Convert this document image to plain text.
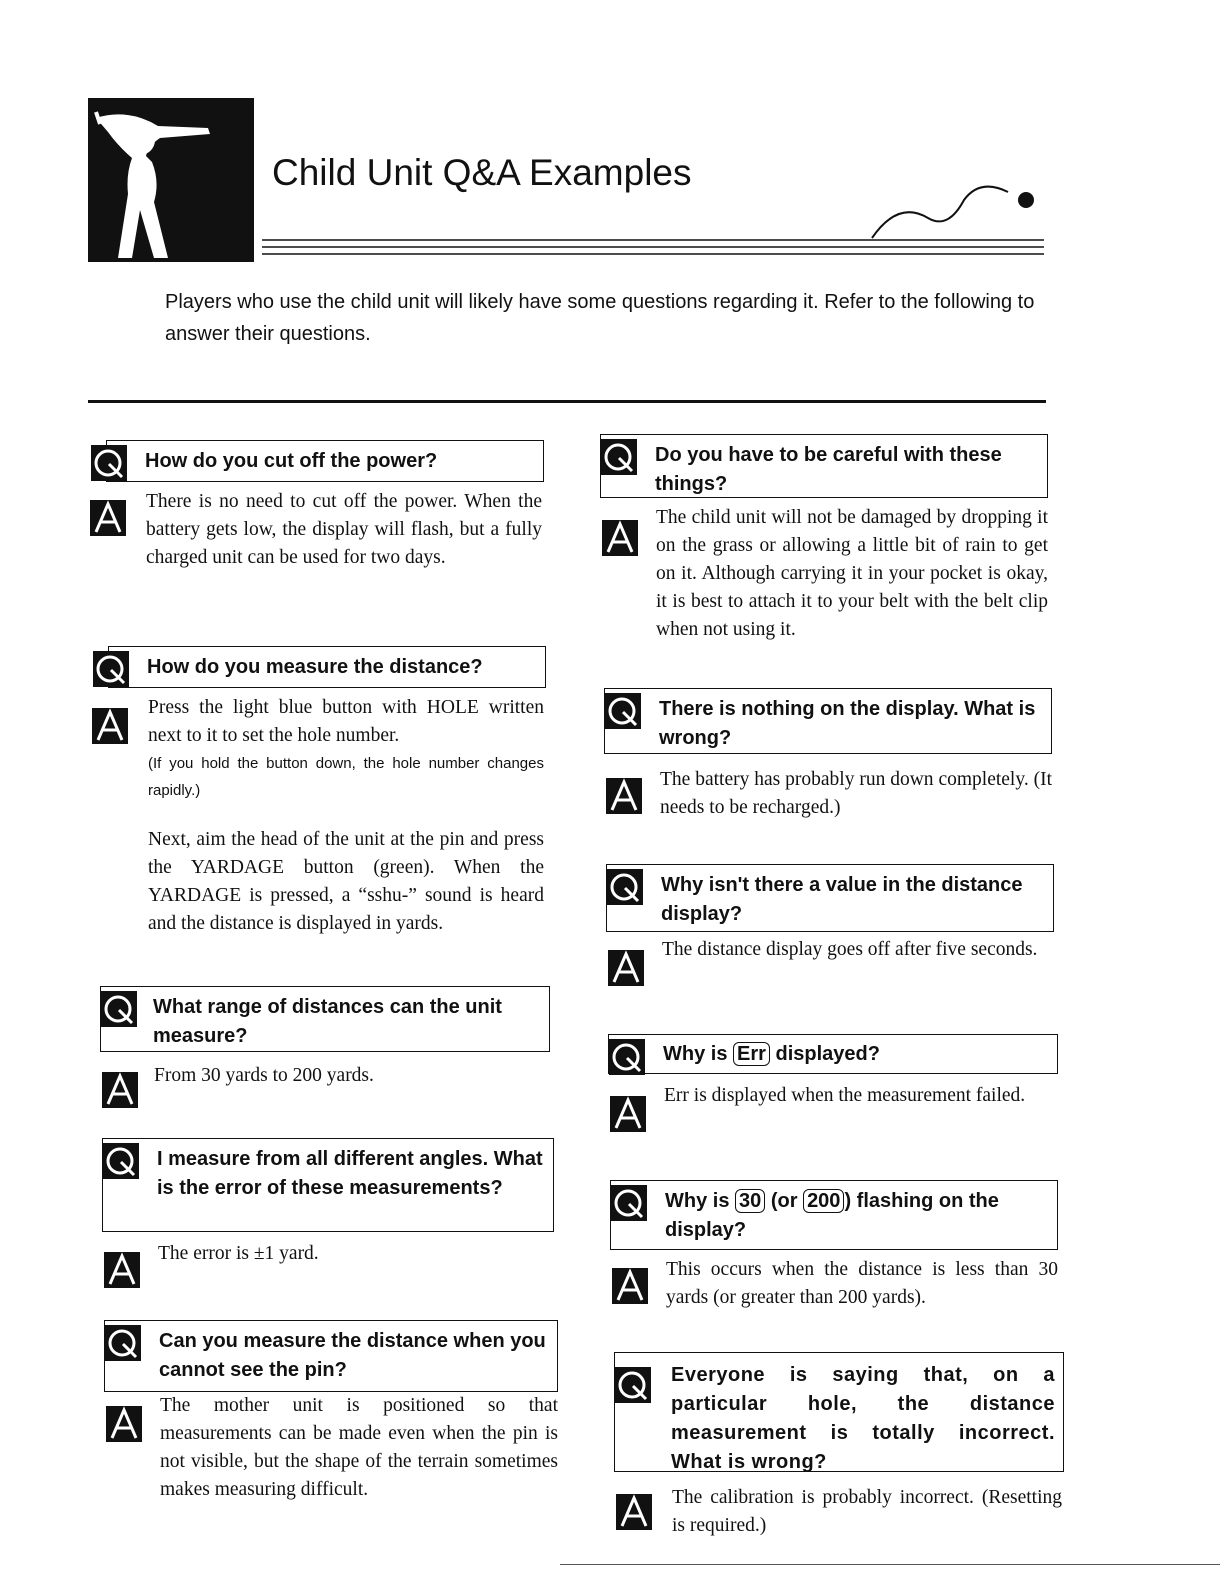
Child Unit Q&A Examples
Players who use the child unit will likely have some questions regarding it. Refer to the following to answer their questions.
How do you cut off the power?
There is no need to cut off the power. When the battery gets low, the display will flash, but a fully charged unit can be used for two days.
How do you measure the distance?
Press the light blue button with HOLE written next to it to set the hole number.
(If you hold the button down, the hole number changes rapidly.)
Next, aim the head of the unit at the pin and press the YARDAGE button (green). When the YARDAGE is pressed, a “sshu-” sound is heard and the distance is displayed in yards.
What range of distances can the unit measure?
From 30 yards to 200 yards.
I measure from all different angles. What is the error of these measurements?
The error is ±1 yard.
Can you measure the distance when you cannot see the pin?
The mother unit is positioned so that measurements can be made even when the pin is not visible, but the shape of the terrain sometimes makes measuring difficult.
Do you have to be careful with these things?
The child unit will not be damaged by dropping it on the grass or allowing a little bit of rain to get on it. Although carrying it in your pocket is okay, it is best to attach it to your belt with the belt clip when not using it.
There is nothing on the display. What is wrong?
The battery has probably run down completely. (It needs to be recharged.)
Why isn't there a value in the distance display?
The distance display goes off after five seconds.
Why is Err displayed?
Err is displayed when the measurement failed.
Why is 30 (or 200 ) flashing on the display?
This occurs when the distance is less than 30 yards (or greater than 200 yards).
Everyone is saying that, on a particular hole, the distance measurement is totally incorrect. What is wrong?
The calibration is probably incorrect. (Resetting is required.)
